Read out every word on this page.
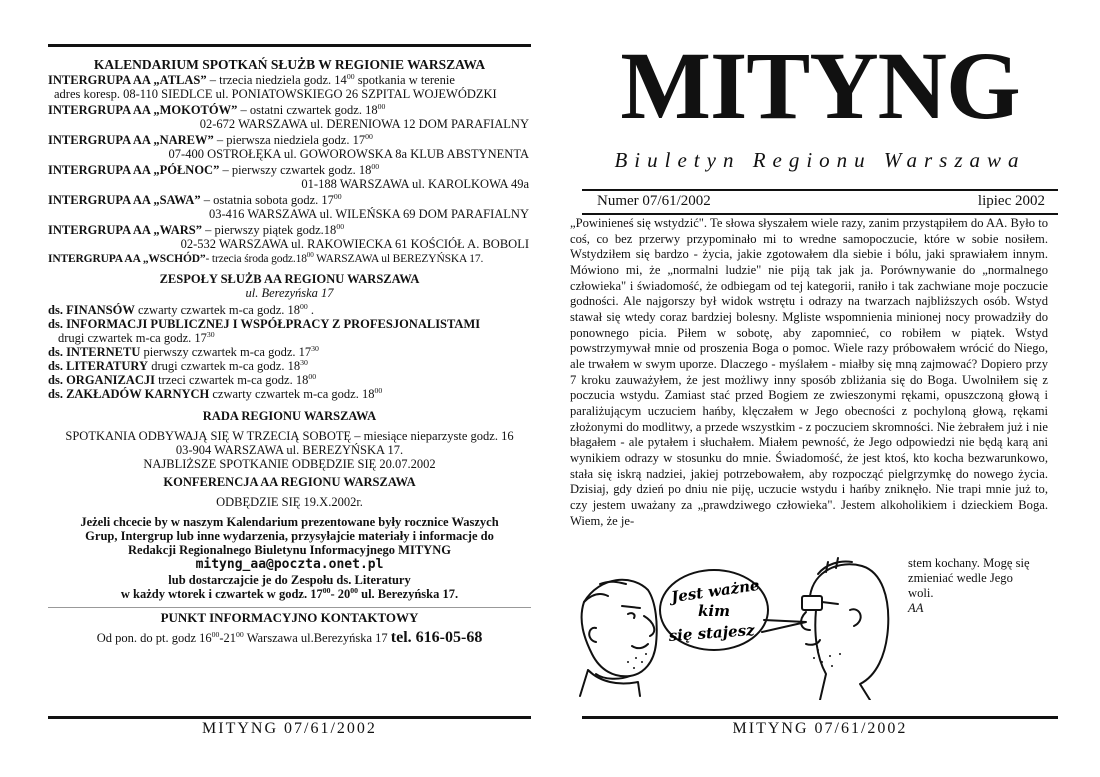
KALENDARIUM SPOTKAŃ SŁUŻB W REGIONIE WARSZAWA
INTERGRUPA AA „ATLAS” – trzecia niedziela godz. $14^{00}$ spotkania w terenie
adres koresp. 08-110 SIEDLCE ul. PONIATOWSKIEGO 26 SZPITAL WOJEWÓDZKI
INTERGRUPA AA „MOKOTÓW” – ostatni czwartek godz. $18^{00}$
02-672 WARSZAWA ul. DERENIOWA 12 DOM PARAFIALNY
INTERGRUPA AA „NAREW” – pierwsza niedziela godz. $17^{00}$
07-400 OSTROŁĘKA ul. GOWOROWSKA 8a KLUB ABSTYNENTA
INTERGRUPA AA „PÓŁNOC” – pierwszy czwartek godz. $18^{00}$
01-188 WARSZAWA ul. KAROLKOWA 49a
INTERGRUPA AA „SAWA” – ostatnia sobota godz. $17^{00}$
03-416 WARSZAWA ul. WILEŃSKA 69 DOM PARAFIALNY
INTERGRUPA AA „WARS” – pierwszy piątek $godz.18^{00}$
02-532 WARSZAWA ul. RAKOWIECKA 61 KOŚCIÓŁ A. BOBOLI
INTERGRUPA AA „WSCHÓD”- trzecia środa $godz.18^{00}$ WARSZAWA ul BEREZYŃSKA 17.
ZESPOŁY SŁUŻB AA REGIONU WARSZAWA
ul. Berezyńska 17
ds. FINANSÓW czwarty czwartek m-ca godz. $18^{00}$ .
ds. INFORMACJI PUBLICZNEJ I WSPÓŁPRACY Z PROFESJONALISTAMI
drugi czwartek m-ca godz. $17^{30}$
ds. INTERNETU pierwszy czwartek m-ca godz. $17^{30}$
ds. LITERATURY drugi czwartek m-ca godz. $18^{30}$
ds. ORGANIZACJI trzeci czwartek m-ca godz. $18^{00}$
ds. ZAKŁADÓW KARNYCH czwarty czwartek m-ca godz. $18^{00}$
RADA REGIONU WARSZAWA
SPOTKANIA ODBYWAJĄ SIĘ W TRZECIĄ SOBOTĘ – miesiące nieparzyste godz. 16
03-904 WARSZAWA ul. BEREZYŃSKA 17.
NAJBLIŻSZE SPOTKANIE ODBĘDZIE SIĘ 20.07.2002
KONFERENCJA AA REGIONU WARSZAWA
ODBĘDZIE SIĘ 19.X.2002r.
Jeżeli chcecie by w naszym Kalendarium prezentowane były rocznice Waszych
Grup, Intergrup lub inne wydarzenia, przysyłajcie materiały i informacje do
Redakcji Regionalnego Biuletynu Informacyjnego MITYNG
mityng_aa@poczta.onet.pl
lub dostarczajcie je do Zespołu ds. Literatury
w każdy wtorek i czwartek w godz. $17^{00}-$ $20^{00}$ ul. Berezyńska 17.
PUNKT INFORMACYJNO KONTAKTOWY
Od pon. do pt. godz $16^{00}-21^{00}$ Warszawa ul.Berezyńska 17 tel. 616-05-68
MITYNG 07/61/2002
MITYNG
Biuletyn Regionu Warszawa
Numer 07/61/2002	lipiec 2002
„Powinieneś się wstydzić". Te słowa słyszałem wiele razy, zanim przystąpiłem do AA. Było to coś, co bez przerwy przypominało mi to wredne samopoczucie, które w sobie nosiłem. Wstydziłem się bardzo - życia, jakie zgotowałem dla siebie i bólu, jaki sprawiałem innym. Mówiono mi, że „normalni ludzie" nie piją tak jak ja. Porównywanie do „normalnego człowieka" i świadomość, że odbiegam od tej kategorii, raniło i tak zachwiane moje poczucie godności. Ale najgorszy był widok wstrętu i odrazy na twarzach najbliższych osób. Wstyd stawał się wtedy coraz bardziej bolesny. Mgliste wspomnienia minionej nocy prowadziły do ponownego picia. Piłem w sobotę, aby zapomnieć, co robiłem w piątek. Wstyd powstrzymywał mnie od proszenia Boga o pomoc. Wiele razy próbowałem wrócić do Niego, ale trwałem w swym uporze. Dlaczego - myślałem - miałby się mną zajmować? Dopiero przy 7 kroku zauważyłem, że jest możliwy inny sposób zbliżania się do Boga. Uwolniłem się z poczucia wstydu. Zamiast stać przed Bogiem ze zwieszonymi rękami, opuszczoną głową i paraliżującym uczuciem hańby, klęczałem w Jego obecności z pochyloną głową, rękami złożonymi do modlitwy, a przede wszystkim - z poczuciem skromności. Nie żebrałem już i nie błagałem - ale pytałem i słuchałem. Miałem pewność, że Jego odpowiedzi nie będą karą ani wynikiem odrazy w stosunku do mnie. Świadomość, że jest ktoś, kto kocha bezwarunkowo, stała się iskrą nadziei, jakiej potrzebowałem, aby rozpocząć pielgrzymkę do nowego życia. Dzisiaj, gdy dzień po dniu nie piję, uczucie wstydu i hańby zniknęło. Nie trapi mnie już to, czy jestem uważany za „prawdziwego człowieka". Jestem alkoholikiem i dzieckiem Boga. Wiem, że je-
stem kochany. Mogę się
zmieniać wedle Jego
woli.
AA
Jest ważne
kim
się stajesz
MITYNG 07/61/2002
